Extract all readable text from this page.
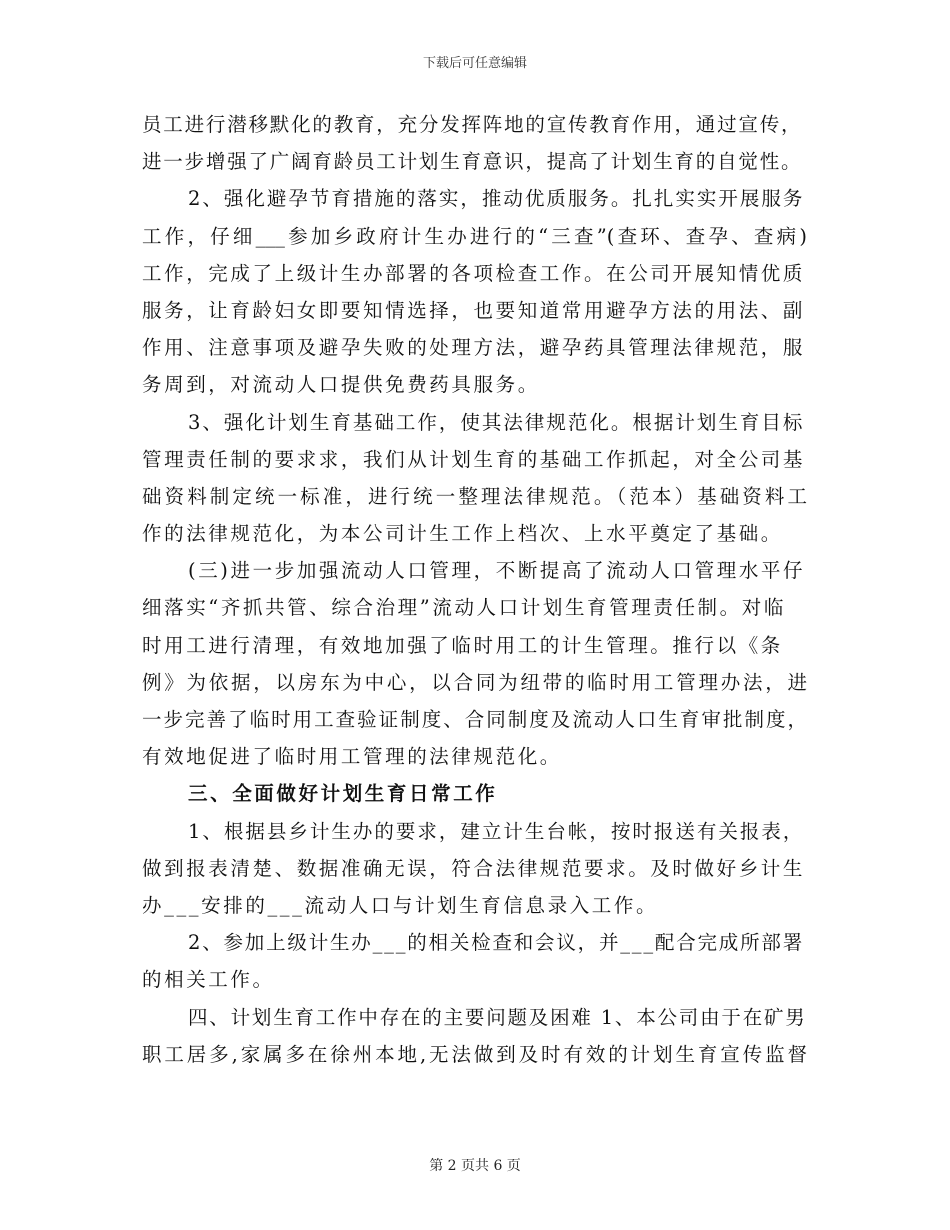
下载后可任意编辑
员工进行潜移默化的教育，充分发挥阵地的宣传教育作用，通过宣传，
进一步增强了广阔育龄员工计划生育意识，提高了计划生育的自觉性。
2、强化避孕节育措施的落实，推动优质服务。扎扎实实开展服务
工作，仔细___参加乡政府计生办进行的“三查”(查环、查孕、查病)
工作，完成了上级计生办部署的各项检查工作。在公司开展知情优质
服务，让育龄妇女即要知情选择，也要知道常用避孕方法的用法、副
作用、注意事项及避孕失败的处理方法，避孕药具管理法律规范，服
务周到，对流动人口提供免费药具服务。
3、强化计划生育基础工作，使其法律规范化。根据计划生育目标
管理责任制的要求求，我们从计划生育的基础工作抓起，对全公司基
础资料制定统一标准，进行统一整理法律规范。（范本）基础资料工
作的法律规范化，为本公司计生工作上档次、上水平奠定了基础。
(三)进一步加强流动人口管理，不断提高了流动人口管理水平仔
细落实“齐抓共管、综合治理”流动人口计划生育管理责任制。对临
时用工进行清理，有效地加强了临时用工的计生管理。推行以《条
例》为依据，以房东为中心，以合同为纽带的临时用工管理办法，进
一步完善了临时用工查验证制度、合同制度及流动人口生育审批制度，
有效地促进了临时用工管理的法律规范化。
三、全面做好计划生育日常工作
1、根据县乡计生办的要求，建立计生台帐，按时报送有关报表，
做到报表清楚、数据准确无误，符合法律规范要求。及时做好乡计生
办___安排的___流动人口与计划生育信息录入工作。
2、参加上级计生办___的相关检查和会议，并___配合完成所部署
的相关工作。
四、计划生育工作中存在的主要问题及困难 1、本公司由于在矿男
职工居多,家属多在徐州本地,无法做到及时有效的计划生育宣传监督
第 2 页共 6 页
